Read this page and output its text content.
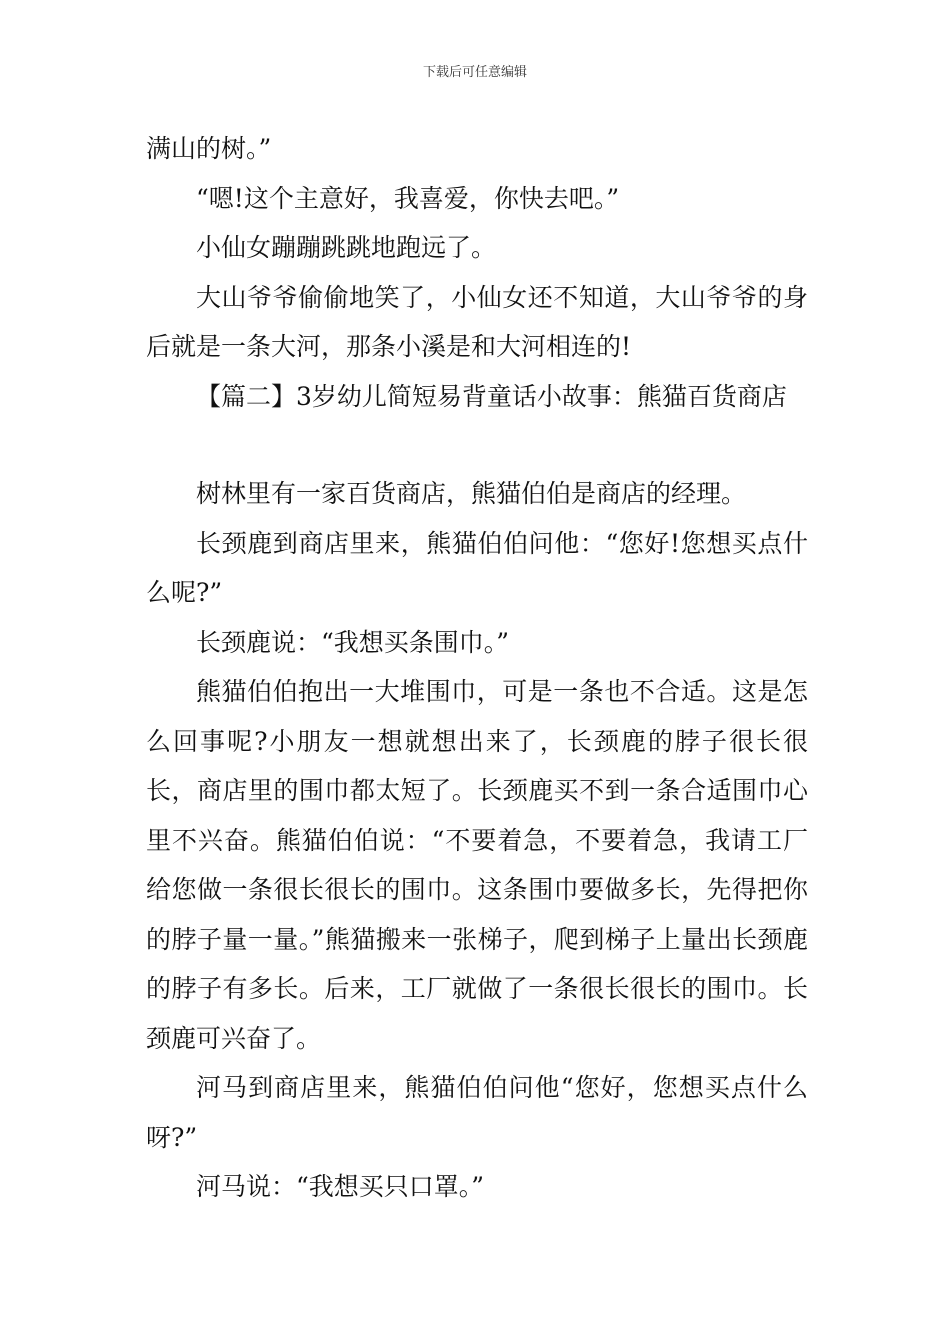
下载后可任意编辑

满山的树。”

“嗯!这个主意好，我喜爱，你快去吧。”

小仙女蹦蹦跳跳地跑远了。

大山爷爷偷偷地笑了，小仙女还不知道，大山爷爷的身后就是一条大河，那条小溪是和大河相连的!

【篇二】3岁幼儿简短易背童话小故事：熊猫百货商店

树林里有一家百货商店，熊猫伯伯是商店的经理。

长颈鹿到商店里来，熊猫伯伯问他：“您好!您想买点什么呢?”

长颈鹿说：“我想买条围巾。”

熊猫伯伯抱出一大堆围巾，可是一条也不合适。这是怎么回事呢?小朋友一想就想出来了，长颈鹿的脖子很长很长，商店里的围巾都太短了。长颈鹿买不到一条合适围巾心里不兴奋。熊猫伯伯说：“不要着急，不要着急，我请工厂给您做一条很长很长的围巾。这条围巾要做多长，先得把你的脖子量一量。”熊猫搬来一张梯子，爬到梯子上量出长颈鹿的脖子有多长。后来，工厂就做了一条很长很长的围巾。长颈鹿可兴奋了。

河马到商店里来，熊猫伯伯问他“您好，您想买点什么呀?”

河马说：“我想买只口罩。”
